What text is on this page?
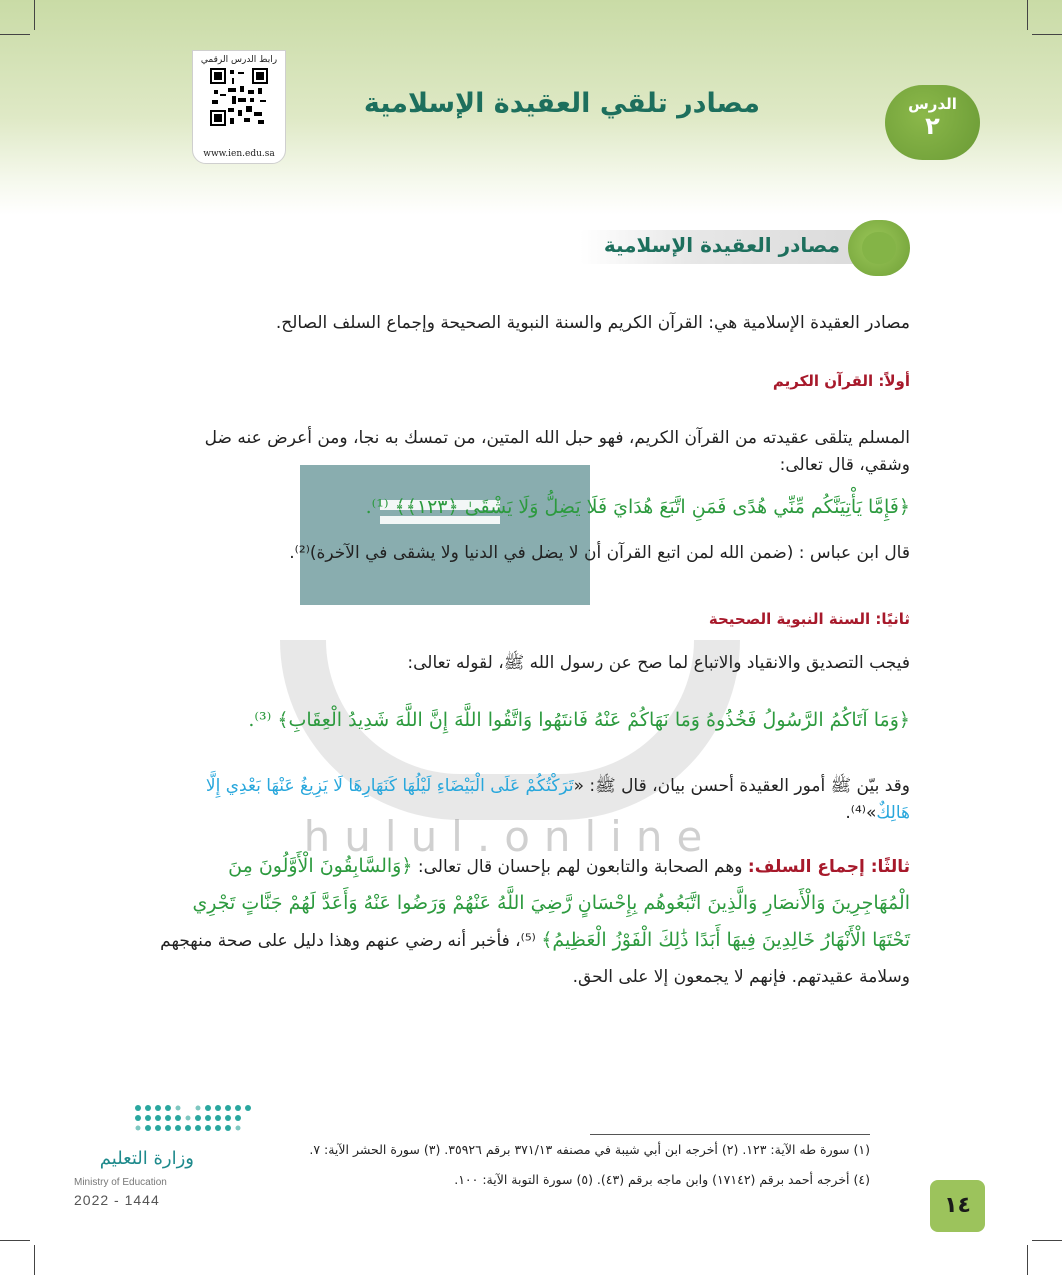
رابط الدرس الرقمي
www.ien.edu.sa
مصادر تلقي العقيدة الإسلامية	الدرس
٢
مصادر العقيدة الإسلامية
مصادر العقيدة الإسلامية هي: القرآن الكريم والسنة النبوية الصحيحة وإجماع السلف الصالح.
أولاً: القرآن الكريم
المسلم يتلقى عقيدته من القرآن الكريم، فهو حبل الله المتين، من تمسك به نجا، ومن أعرض عنه ضل وشقي، قال تعالى:
﴿فَإِمَّا يَأْتِيَنَّكُم مِّنِّي هُدًى فَمَنِ اتَّبَعَ هُدَايَ فَلَا يَضِلُّ وَلَا يَشْقَىٰ ﴿١٢٣﴾﴾ ⁽¹⁾.
قال ابن عباس : (ضمن الله لمن اتبع القرآن أن لا يضل في الدنيا ولا يشقى في الآخرة)⁽²⁾.
ثانيًا: السنة النبوية الصحيحة
فيجب التصديق والانقياد والاتباع لما صح عن رسول الله ﷺ، لقوله تعالى:
﴿وَمَا آتَاكُمُ الرَّسُولُ فَخُذُوهُ وَمَا نَهَاكُمْ عَنْهُ فَانتَهُوا وَاتَّقُوا اللَّهَ إِنَّ اللَّهَ شَدِيدُ الْعِقَابِ﴾ ⁽³⁾.
وقد بيّن ﷺ أمور العقيدة أحسن بيان، قال ﷺ: «تَرَكْتُكُمْ عَلَى الْبَيْضَاءِ لَيْلُهَا كَنَهَارِهَا لَا يَزِيغُ عَنْهَا بَعْدِي إِلَّا هَالِكٌ»⁽⁴⁾.
hulul.online
ثالثًا: إجماع السلف: وهم الصحابة والتابعون لهم بإحسان قال تعالى: ﴿وَالسَّابِقُونَ الْأَوَّلُونَ مِنَ الْمُهَاجِرِينَ وَالْأَنصَارِ وَالَّذِينَ اتَّبَعُوهُم بِإِحْسَانٍ رَّضِيَ اللَّهُ عَنْهُمْ وَرَضُوا عَنْهُ وَأَعَدَّ لَهُمْ جَنَّاتٍ تَجْرِي تَحْتَهَا الْأَنْهَارُ خَالِدِينَ فِيهَا أَبَدًا ذَٰلِكَ الْفَوْزُ الْعَظِيمُ﴾ ⁽⁵⁾، فأخبر أنه رضي عنهم وهذا دليل على صحة منهجهم وسلامة عقيدتهم. فإنهم لا يجمعون إلا على الحق.
(١) سورة طه الآية: ١٢٣. (٢) أخرجه ابن أبي شيبة في مصنفه ٣٧١/١٣ برقم ٣٥٩٢٦. (٣) سورة الحشر الآية: ٧.
(٤) أخرجه أحمد برقم (١٧١٤٢) وابن ماجه برقم (٤٣). (٥) سورة التوبة الآية: ١٠٠.
وزارة التعليم
Ministry of Education
2022 - 1444	١٤
